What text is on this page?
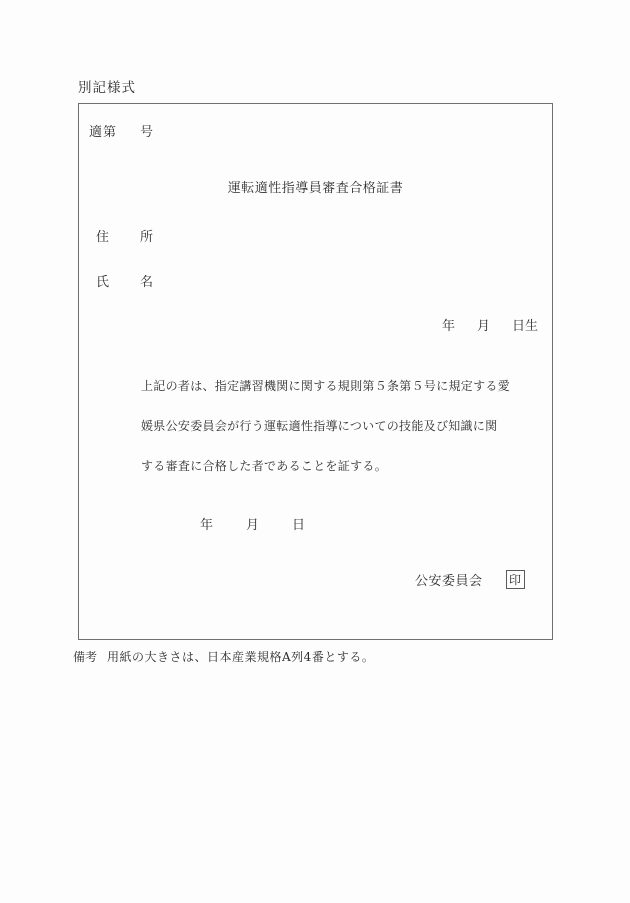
別記様式
適第 号
運転適性指導員審査合格証書
住　所
氏　名
年 月 日生
上記の者は、指定講習機関に関する規則第５条第５号に規定する愛
媛県公安委員会が行う運転適性指導についての技能及び知識に関
する審査に合格した者であることを証する。
年	月	日
公安委員会 印
備考 用紙の大きさは、日本産業規格A列4番とする。
